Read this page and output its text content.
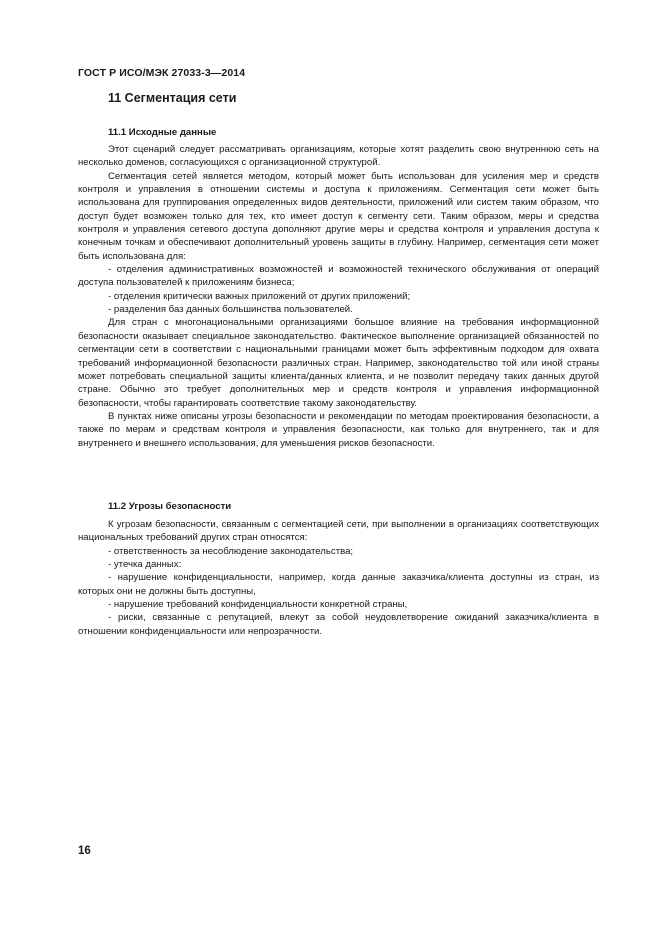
ГОСТ Р ИСО/МЭК 27033-3—2014
11 Сегментация сети
11.1 Исходные данные

Этот сценарий следует рассматривать организациям, которые хотят разделить свою внутреннюю сеть на несколько доменов, согласующихся с организационной структурой.

Сегментация сетей является методом, который может быть использован для усиления мер и средств контроля и управления в отношении системы и доступа к приложениям. Сегментация сети может быть использована для группирования определенных видов деятельности, приложений или систем таким образом, что доступ будет возможен только для тех, кто имеет доступ к сегменту сети. Таким образом, меры и средства контроля и управления сетевого доступа дополняют другие меры и средства контроля и управления доступа к конечным точкам и обеспечивают дополнительный уровень защиты в глубину. Например, сегментация сети может быть использована для:

- отделения административных возможностей и возможностей технического обслуживания от операций доступа пользователей к приложениям бизнеса;

- отделения критически важных приложений от других приложений;

- разделения баз данных большинства пользователей.

Для стран с многонациональными организациями большое влияние на требования информационной безопасности оказывает специальное законодательство. Фактическое выполнение организацией обязанностей по сегментации сети в соответствии с национальными границами может быть эффективным подходом для охвата требований информационной безопасности различных стран. Например, законодательство той или иной страны может потребовать специальной защиты клиента/данных клиента, и не позволит передачу таких данных другой стране. Обычно это требует дополнительных мер и средств контроля и управления информационной безопасности, чтобы гарантировать соответствие такому законодательству.

В пунктах ниже описаны угрозы безопасности и рекомендации по методам проектирования безопасности, а также по мерам и средствам контроля и управления безопасности, как только для внутреннего, так и для внутреннего и внешнего использования, для уменьшения рисков безопасности.

11.2 Угрозы безопасности

К угрозам безопасности, связанным с сегментацией сети, при выполнении в организациях соответствующих национальных требований других стран относятся:

- ответственность за несоблюдение законодательства;

- утечка данных:

- нарушение конфиденциальности, например, когда данные заказчика/клиента доступны из стран, из которых они не должны быть доступны,

- нарушение требований конфиденциальности конкретной страны,

- риски, связанные с репутацией, влекут за собой неудовлетворение ожиданий заказчика/клиента в отношении конфиденциальности или непрозрачности.

16
